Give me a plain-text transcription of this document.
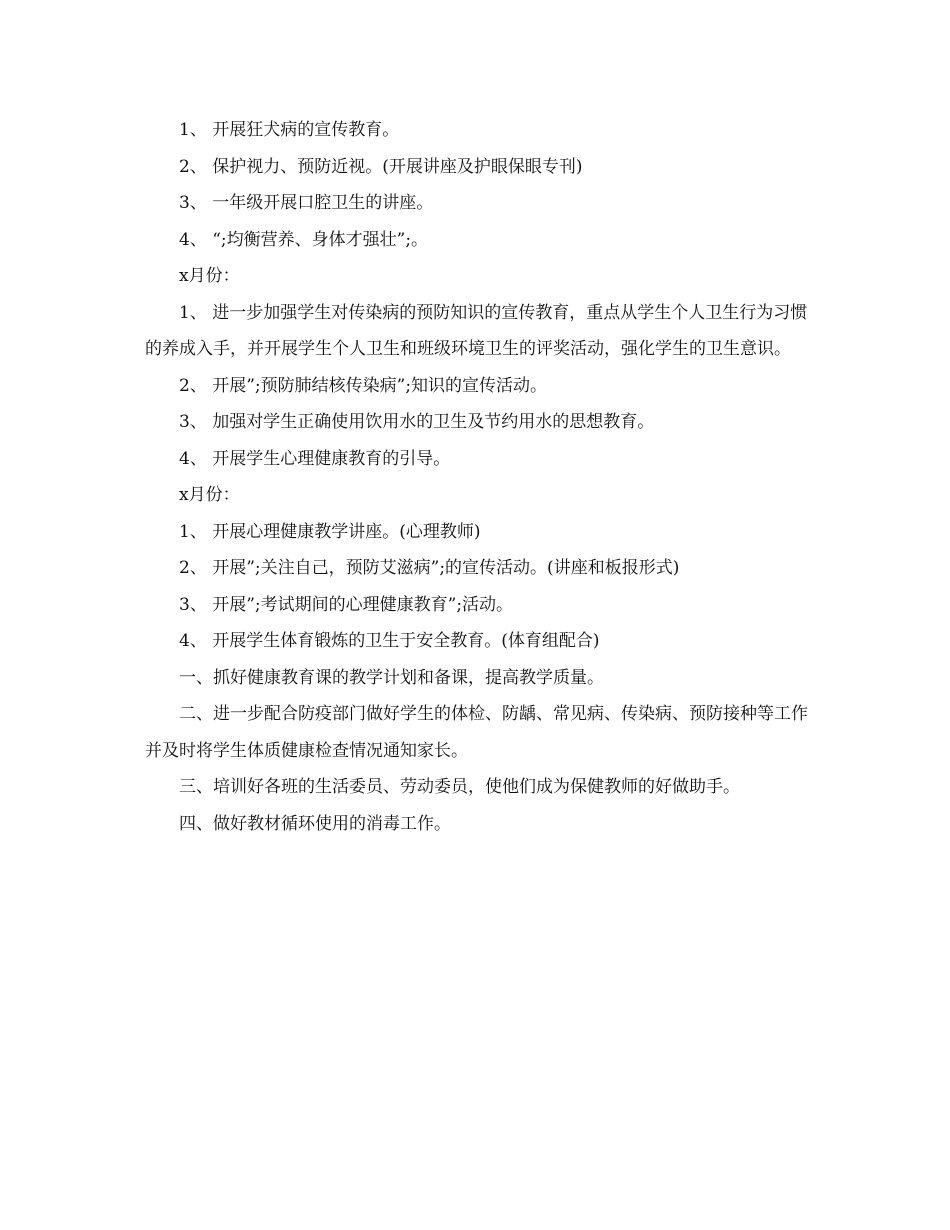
1、 开展狂犬病的宣传教育。

2、 保护视力、预防近视。(开展讲座及护眼保眼专刊)

3、 一年级开展口腔卫生的讲座。

4、 “;均衡营养、身体才强壮”;。

x月份：

1、 进一步加强学生对传染病的预防知识的宣传教育，重点从学生个人卫生行为习惯的养成入手，并开展学生个人卫生和班级环境卫生的评奖活动，强化学生的卫生意识。

2、 开展”;预防肺结核传染病”;知识的宣传活动。

3、 加强对学生正确使用饮用水的卫生及节约用水的思想教育。

4、 开展学生心理健康教育的引导。

x月份：

1、 开展心理健康教学讲座。(心理教师)

2、 开展”;关注自己，预防艾滋病”;的宣传活动。(讲座和板报形式)

3、 开展”;考试期间的心理健康教育”;活动。

4、 开展学生体育锻炼的卫生于安全教育。(体育组配合)

一、抓好健康教育课的教学计划和备课，提高教学质量。

二、进一步配合防疫部门做好学生的体检、防龋、常见病、传染病、预防接种等工作并及时将学生体质健康检查情况通知家长。

三、培训好各班的生活委员、劳动委员，使他们成为保健教师的好做助手。

四、做好教材循环使用的消毒工作。
